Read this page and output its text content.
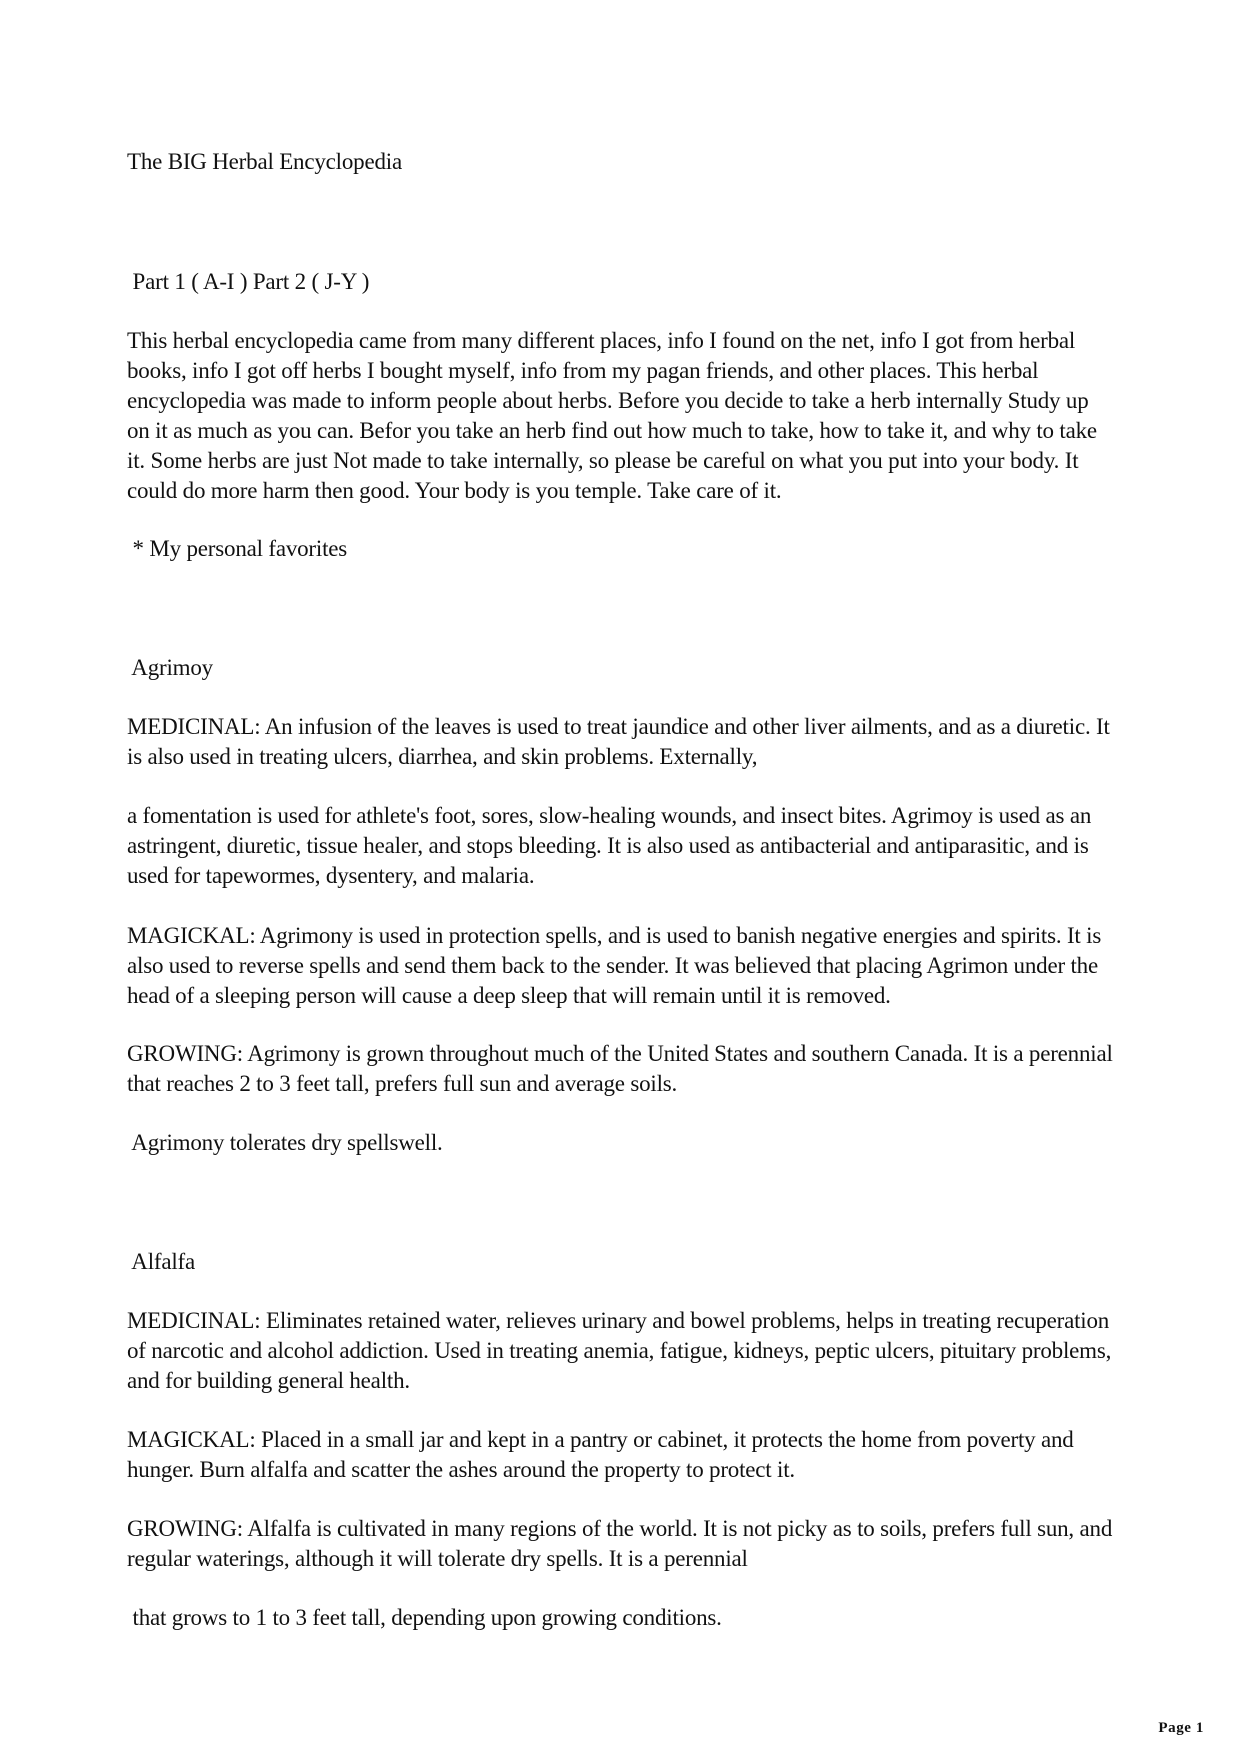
The BIG Herbal Encyclopedia
Part 1 ( A-I ) Part 2 ( J-Y )
This herbal encyclopedia came from many different places, info I found on the net, info I got from herbal books, info I got off herbs I bought myself, info from my pagan friends, and other places. This herbal encyclopedia was made to inform people about herbs. Before you decide to take a herb internally Study up on it as much as you can. Befor you take an herb find out how much to take, how to take it, and why to take it. Some herbs are just Not made to take internally, so please be careful on what you put into your body. It could do more harm then good. Your body is you temple. Take care of it.
* My personal favorites
Agrimoy
MEDICINAL: An infusion of the leaves is used to treat jaundice and other liver ailments, and as a diuretic. It is also used in treating ulcers, diarrhea, and skin problems. Externally,
a fomentation is used for athlete's foot, sores, slow-healing wounds, and insect bites. Agrimoy is used as an astringent, diuretic, tissue healer, and stops bleeding. It is also used as antibacterial and antiparasitic, and is used for tapewormes, dysentery, and malaria.
MAGICKAL: Agrimony is used in protection spells, and is used to banish negative energies and spirits. It is also used to reverse spells and send them back to the sender. It was believed that placing Agrimon under the head of a sleeping person will cause a deep sleep that will remain until it is removed.
GROWING: Agrimony is grown throughout much of the United States and southern Canada. It is a perennial that reaches 2 to 3 feet tall, prefers full sun and average soils.
Agrimony tolerates dry spellswell.
Alfalfa
MEDICINAL: Eliminates retained water, relieves urinary and bowel problems, helps in treating recuperation of narcotic and alcohol addiction. Used in treating anemia, fatigue, kidneys, peptic ulcers, pituitary problems, and for building general health.
MAGICKAL: Placed in a small jar and kept in a pantry or cabinet, it protects the home from poverty and hunger. Burn alfalfa and scatter the ashes around the property to protect it.
GROWING: Alfalfa is cultivated in many regions of the world. It is not picky as to soils, prefers full sun, and regular waterings, although it will tolerate dry spells. It is a perennial
that grows to 1 to 3 feet tall, depending upon growing conditions.
Page 1
